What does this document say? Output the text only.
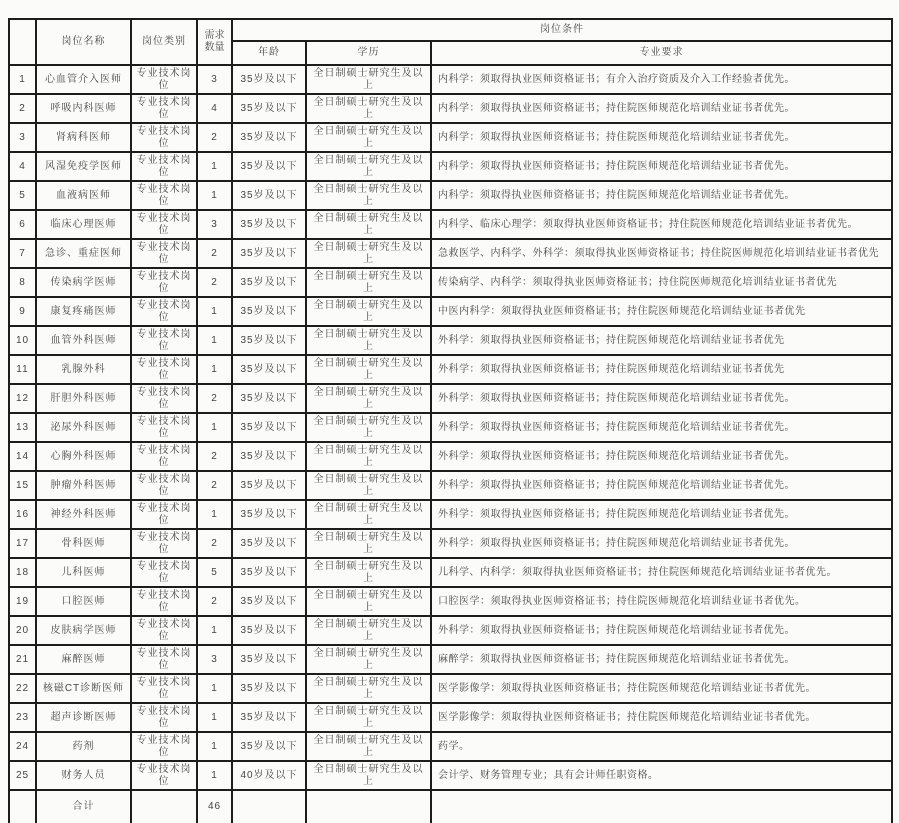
	岗位名称	岗位类别	需求数量	岗位条件		
				年龄	学历	专业要求
1	心血管介入医师	专业技术岗位	3	35岁及以下	全日制硕士研究生及以上	内科学：须取得执业医师资格证书；有介入治疗资质及介入工作经验者优先。
2	呼吸内科医师	专业技术岗位	4	35岁及以下	全日制硕士研究生及以上	内科学：须取得执业医师资格证书；持住院医师规范化培训结业证书者优先。
3	肾病科医师	专业技术岗位	2	35岁及以下	全日制硕士研究生及以上	内科学：须取得执业医师资格证书；持住院医师规范化培训结业证书者优先。
4	风湿免疫学医师	专业技术岗位	1	35岁及以下	全日制硕士研究生及以上	内科学：须取得执业医师资格证书；持住院医师规范化培训结业证书者优先。
5	血液病医师	专业技术岗位	1	35岁及以下	全日制硕士研究生及以上	内科学：须取得执业医师资格证书；持住院医师规范化培训结业证书者优先。
6	临床心理医师	专业技术岗位	3	35岁及以下	全日制硕士研究生及以上	内科学、临床心理学：须取得执业医师资格证书；持住院医师规范化培训结业证书者优先。
7	急诊、重症医师	专业技术岗位	2	35岁及以下	全日制硕士研究生及以上	急救医学、内科学、外科学：须取得执业医师资格证书；持住院医师规范化培训结业证书者优先
8	传染病学医师	专业技术岗位	2	35岁及以下	全日制硕士研究生及以上	传染病学、内科学：须取得执业医师资格证书；持住院医师规范化培训结业证书者优先
9	康复疼痛医师	专业技术岗位	1	35岁及以下	全日制硕士研究生及以上	中医内科学：须取得执业医师资格证书；持住院医师规范化培训结业证书者优先
10	血管外科医师	专业技术岗位	1	35岁及以下	全日制硕士研究生及以上	外科学：须取得执业医师资格证书；持住院医师规范化培训结业证书者优先
11	乳腺外科	专业技术岗位	1	35岁及以下	全日制硕士研究生及以上	外科学：须取得执业医师资格证书；持住院医师规范化培训结业证书者优先
12	肝胆外科医师	专业技术岗位	2	35岁及以下	全日制硕士研究生及以上	外科学：须取得执业医师资格证书；持住院医师规范化培训结业证书者优先。
13	泌尿外科医师	专业技术岗位	1	35岁及以下	全日制硕士研究生及以上	外科学：须取得执业医师资格证书；持住院医师规范化培训结业证书者优先。
14	心胸外科医师	专业技术岗位	2	35岁及以下	全日制硕士研究生及以上	外科学：须取得执业医师资格证书；持住院医师规范化培训结业证书者优先。
15	肿瘤外科医师	专业技术岗位	2	35岁及以下	全日制硕士研究生及以上	外科学：须取得执业医师资格证书；持住院医师规范化培训结业证书者优先。
16	神经外科医师	专业技术岗位	1	35岁及以下	全日制硕士研究生及以上	外科学：须取得执业医师资格证书；持住院医师规范化培训结业证书者优先。
17	骨科医师	专业技术岗位	2	35岁及以下	全日制硕士研究生及以上	外科学：须取得执业医师资格证书；持住院医师规范化培训结业证书者优先。
18	儿科医师	专业技术岗位	5	35岁及以下	全日制硕士研究生及以上	儿科学、内科学：须取得执业医师资格证书；持住院医师规范化培训结业证书者优先。
19	口腔医师	专业技术岗位	2	35岁及以下	全日制硕士研究生及以上	口腔医学：须取得执业医师资格证书；持住院医师规范化培训结业证书者优先。
20	皮肤病学医师	专业技术岗位	1	35岁及以下	全日制硕士研究生及以上	外科学：须取得执业医师资格证书；持住院医师规范化培训结业证书者优先。
21	麻醉医师	专业技术岗位	3	35岁及以下	全日制硕士研究生及以上	麻醉学：须取得执业医师资格证书；持住院医师规范化培训结业证书者优先。
22	核磁CT诊断医师	专业技术岗位	1	35岁及以下	全日制硕士研究生及以上	医学影像学：须取得执业医师资格证书；持住院医师规范化培训结业证书者优先。
23	超声诊断医师	专业技术岗位	1	35岁及以下	全日制硕士研究生及以上	医学影像学：须取得执业医师资格证书；持住院医师规范化培训结业证书者优先。
24	药剂	专业技术岗位	1	35岁及以下	全日制硕士研究生及以上	药学。
25	财务人员	专业技术岗位	1	40岁及以下	全日制硕士研究生及以上	会计学、财务管理专业；具有会计师任职资格。
	合计		46			
